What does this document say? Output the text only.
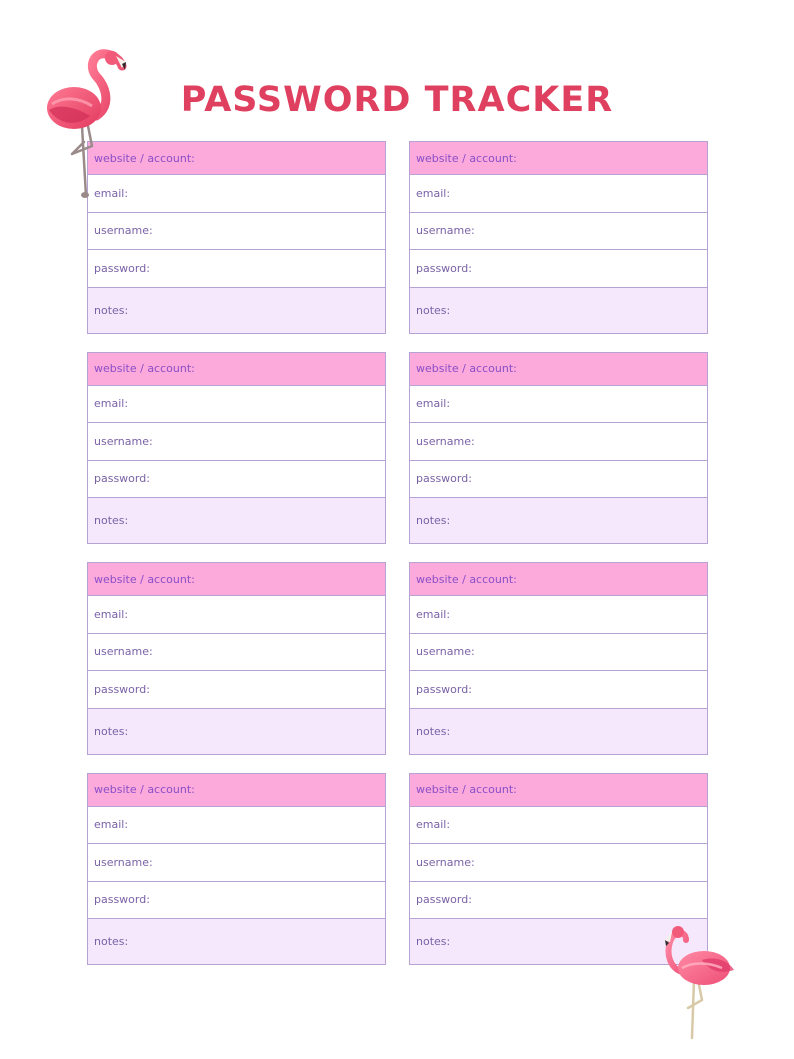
PASSWORD TRACKER
website / account:
email:
username:
password:
notes:
website / account:
email:
username:
password:
notes:
website / account:
email:
username:
password:
notes:
website / account:
email:
username:
password:
notes:
website / account:
email:
username:
password:
notes:
website / account:
email:
username:
password:
notes:
website / account:
email:
username:
password:
notes:
website / account:
email:
username:
password:
notes:
